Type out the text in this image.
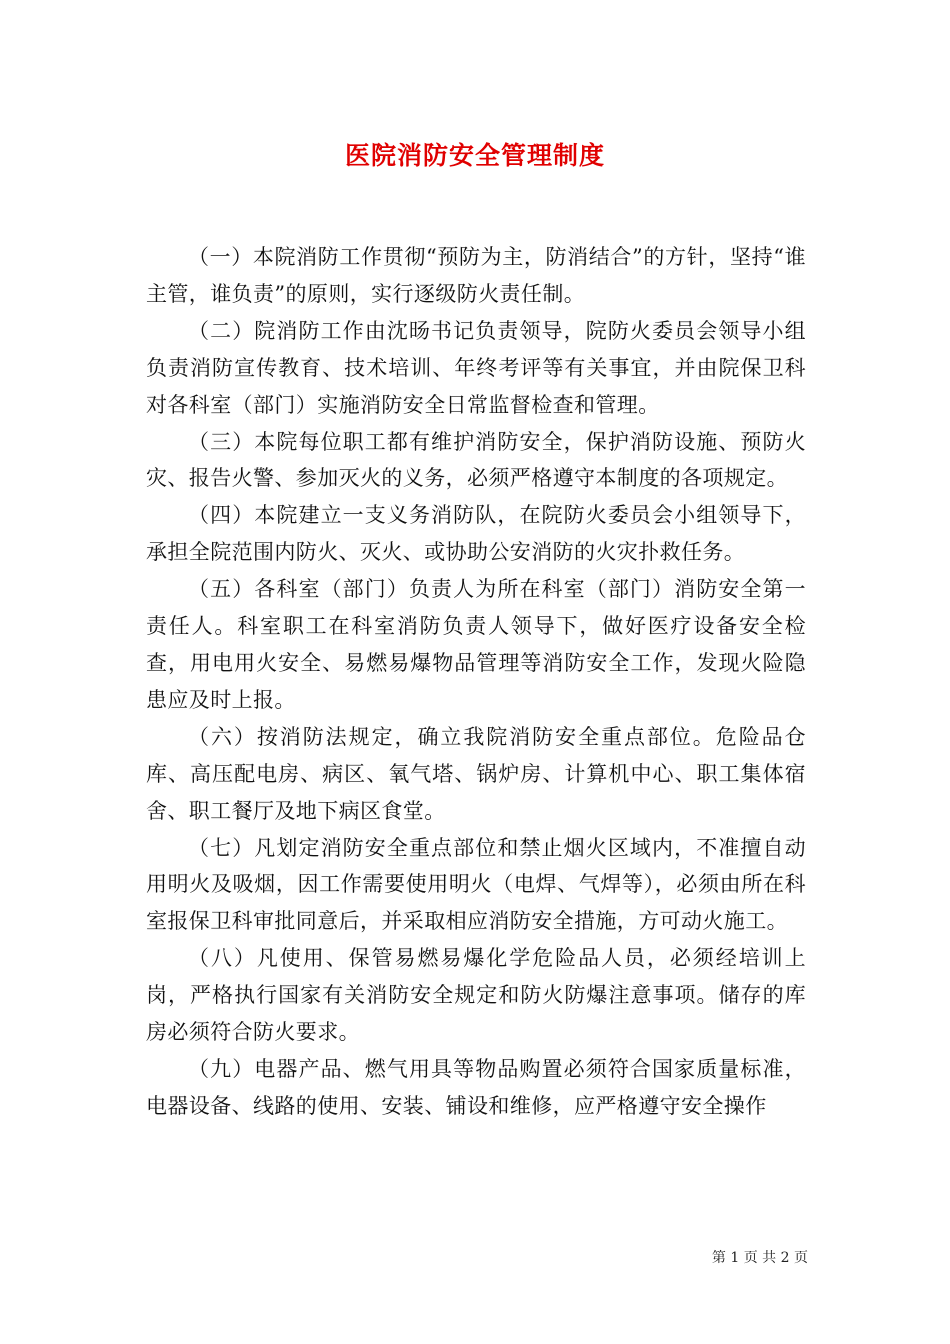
医院消防安全管理制度

（一）本院消防工作贯彻“预防为主，防消结合”的方针，坚持“谁主管，谁负责”的原则，实行逐级防火责任制。

（二）院消防工作由沈旸书记负责领导，院防火委员会领导小组负责消防宣传教育、技术培训、年终考评等有关事宜，并由院保卫科对各科室（部门）实施消防安全日常监督检查和管理。

（三）本院每位职工都有维护消防安全，保护消防设施、预防火灾、报告火警、参加灭火的义务，必须严格遵守本制度的各项规定。

（四）本院建立一支义务消防队，在院防火委员会小组领导下，承担全院范围内防火、灭火、或协助公安消防的火灾扑救任务。

（五）各科室（部门）负责人为所在科室（部门）消防安全第一责任人。科室职工在科室消防负责人领导下，做好医疗设备安全检查，用电用火安全、易燃易爆物品管理等消防安全工作，发现火险隐患应及时上报。

（六）按消防法规定，确立我院消防安全重点部位。危险品仓库、高压配电房、病区、氧气塔、锅炉房、计算机中心、职工集体宿舍、职工餐厅及地下病区食堂。

（七）凡划定消防安全重点部位和禁止烟火区域内，不准擅自动用明火及吸烟，因工作需要使用明火（电焊、气焊等），必须由所在科室报保卫科审批同意后，并采取相应消防安全措施，方可动火施工。

（八）凡使用、保管易燃易爆化学危险品人员，必须经培训上岗，严格执行国家有关消防安全规定和防火防爆注意事项。储存的库房必须符合防火要求。

（九）电器产品、燃气用具等物品购置必须符合国家质量标准，电器设备、线路的使用、安装、铺设和维修，应严格遵守安全操作

第 1 页 共 2 页
